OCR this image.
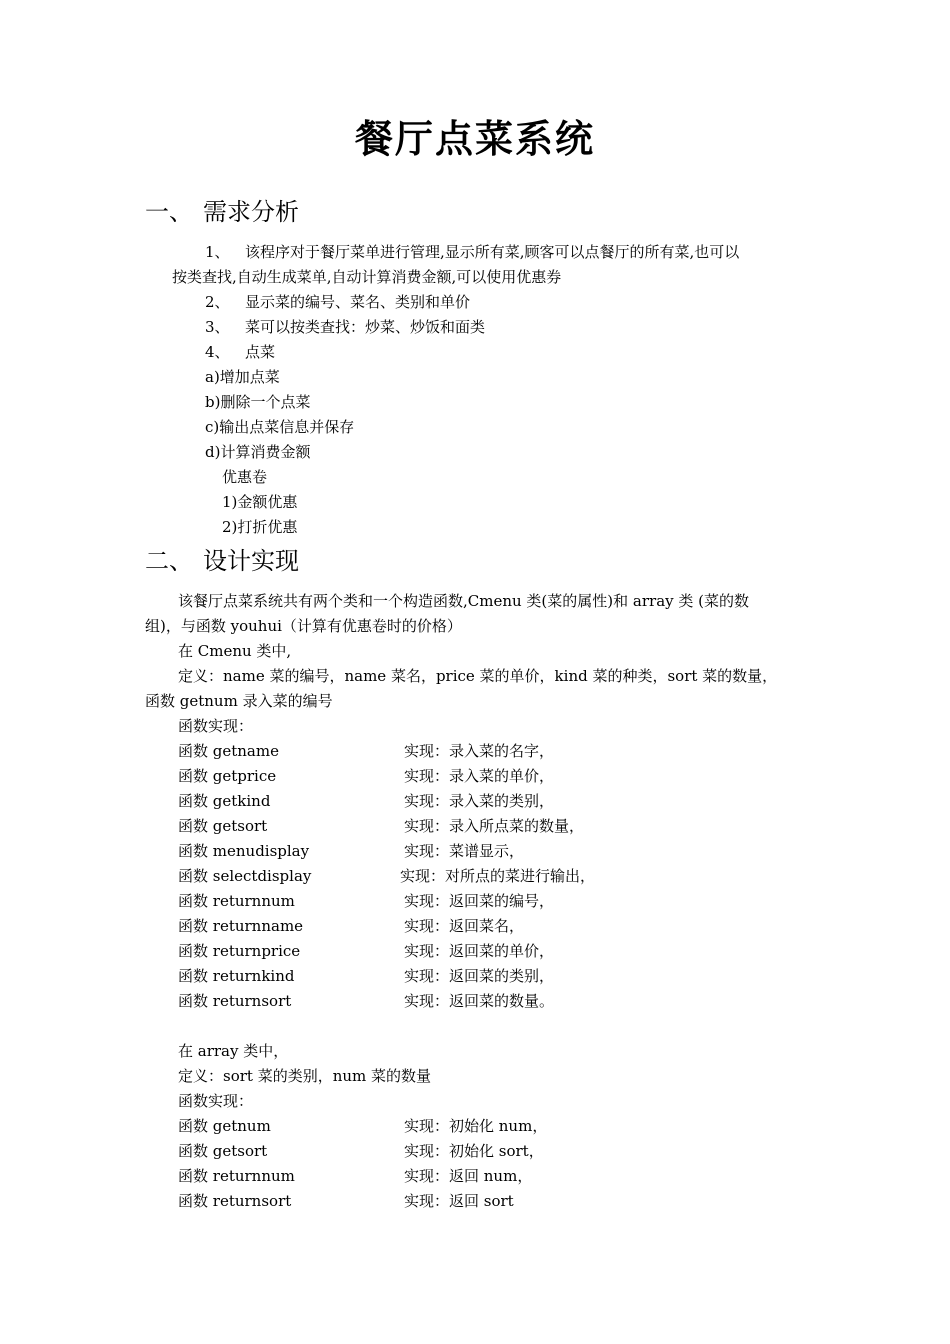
餐厅点菜系统
一、 需求分析
1、 该程序对于餐厅菜单进行管理,显示所有菜,顾客可以点餐厅的所有菜,也可以
按类查找,自动生成菜单,自动计算消费金额,可以使用优惠券
2、 显示菜的编号、菜名、类别和单价
3、 菜可以按类查找：炒菜、炒饭和面类
4、 点菜
a)增加点菜
b)删除一个点菜
c)输出点菜信息并保存
d)计算消费金额
优惠卷
1)金额优惠
2)打折优惠
二、 设计实现
该餐厅点菜系统共有两个类和一个构造函数,Cmenu 类(菜的属性)和 array 类 (菜的数
组)，与函数 youhui（计算有优惠卷时的价格）
在 Cmenu 类中,
定义：name 菜的编号，name 菜名，price 菜的单价，kind 菜的种类，sort 菜的数量，
函数 getnum 录入菜的编号
函数实现：
函数 getname	实现：录入菜的名字，
函数 getprice	实现：录入菜的单价，
函数 getkind	实现：录入菜的类别，
函数 getsort	实现：录入所点菜的数量，
函数 menudisplay	实现：菜谱显示，
函数 selectdisplay	实现：对所点的菜进行输出，
函数 returnnum	实现：返回菜的编号，
函数 returnname	实现：返回菜名，
函数 returnprice	实现：返回菜的单价，
函数 returnkind	实现：返回菜的类别，
函数 returnsort	实现：返回菜的数量。
在 array 类中，
定义：sort 菜的类别，num 菜的数量
函数实现：
函数 getnum	实现：初始化 num，
函数 getsort	实现：初始化 sort，
函数 returnnum	实现：返回 num，
函数 returnsort	实现：返回 sort
